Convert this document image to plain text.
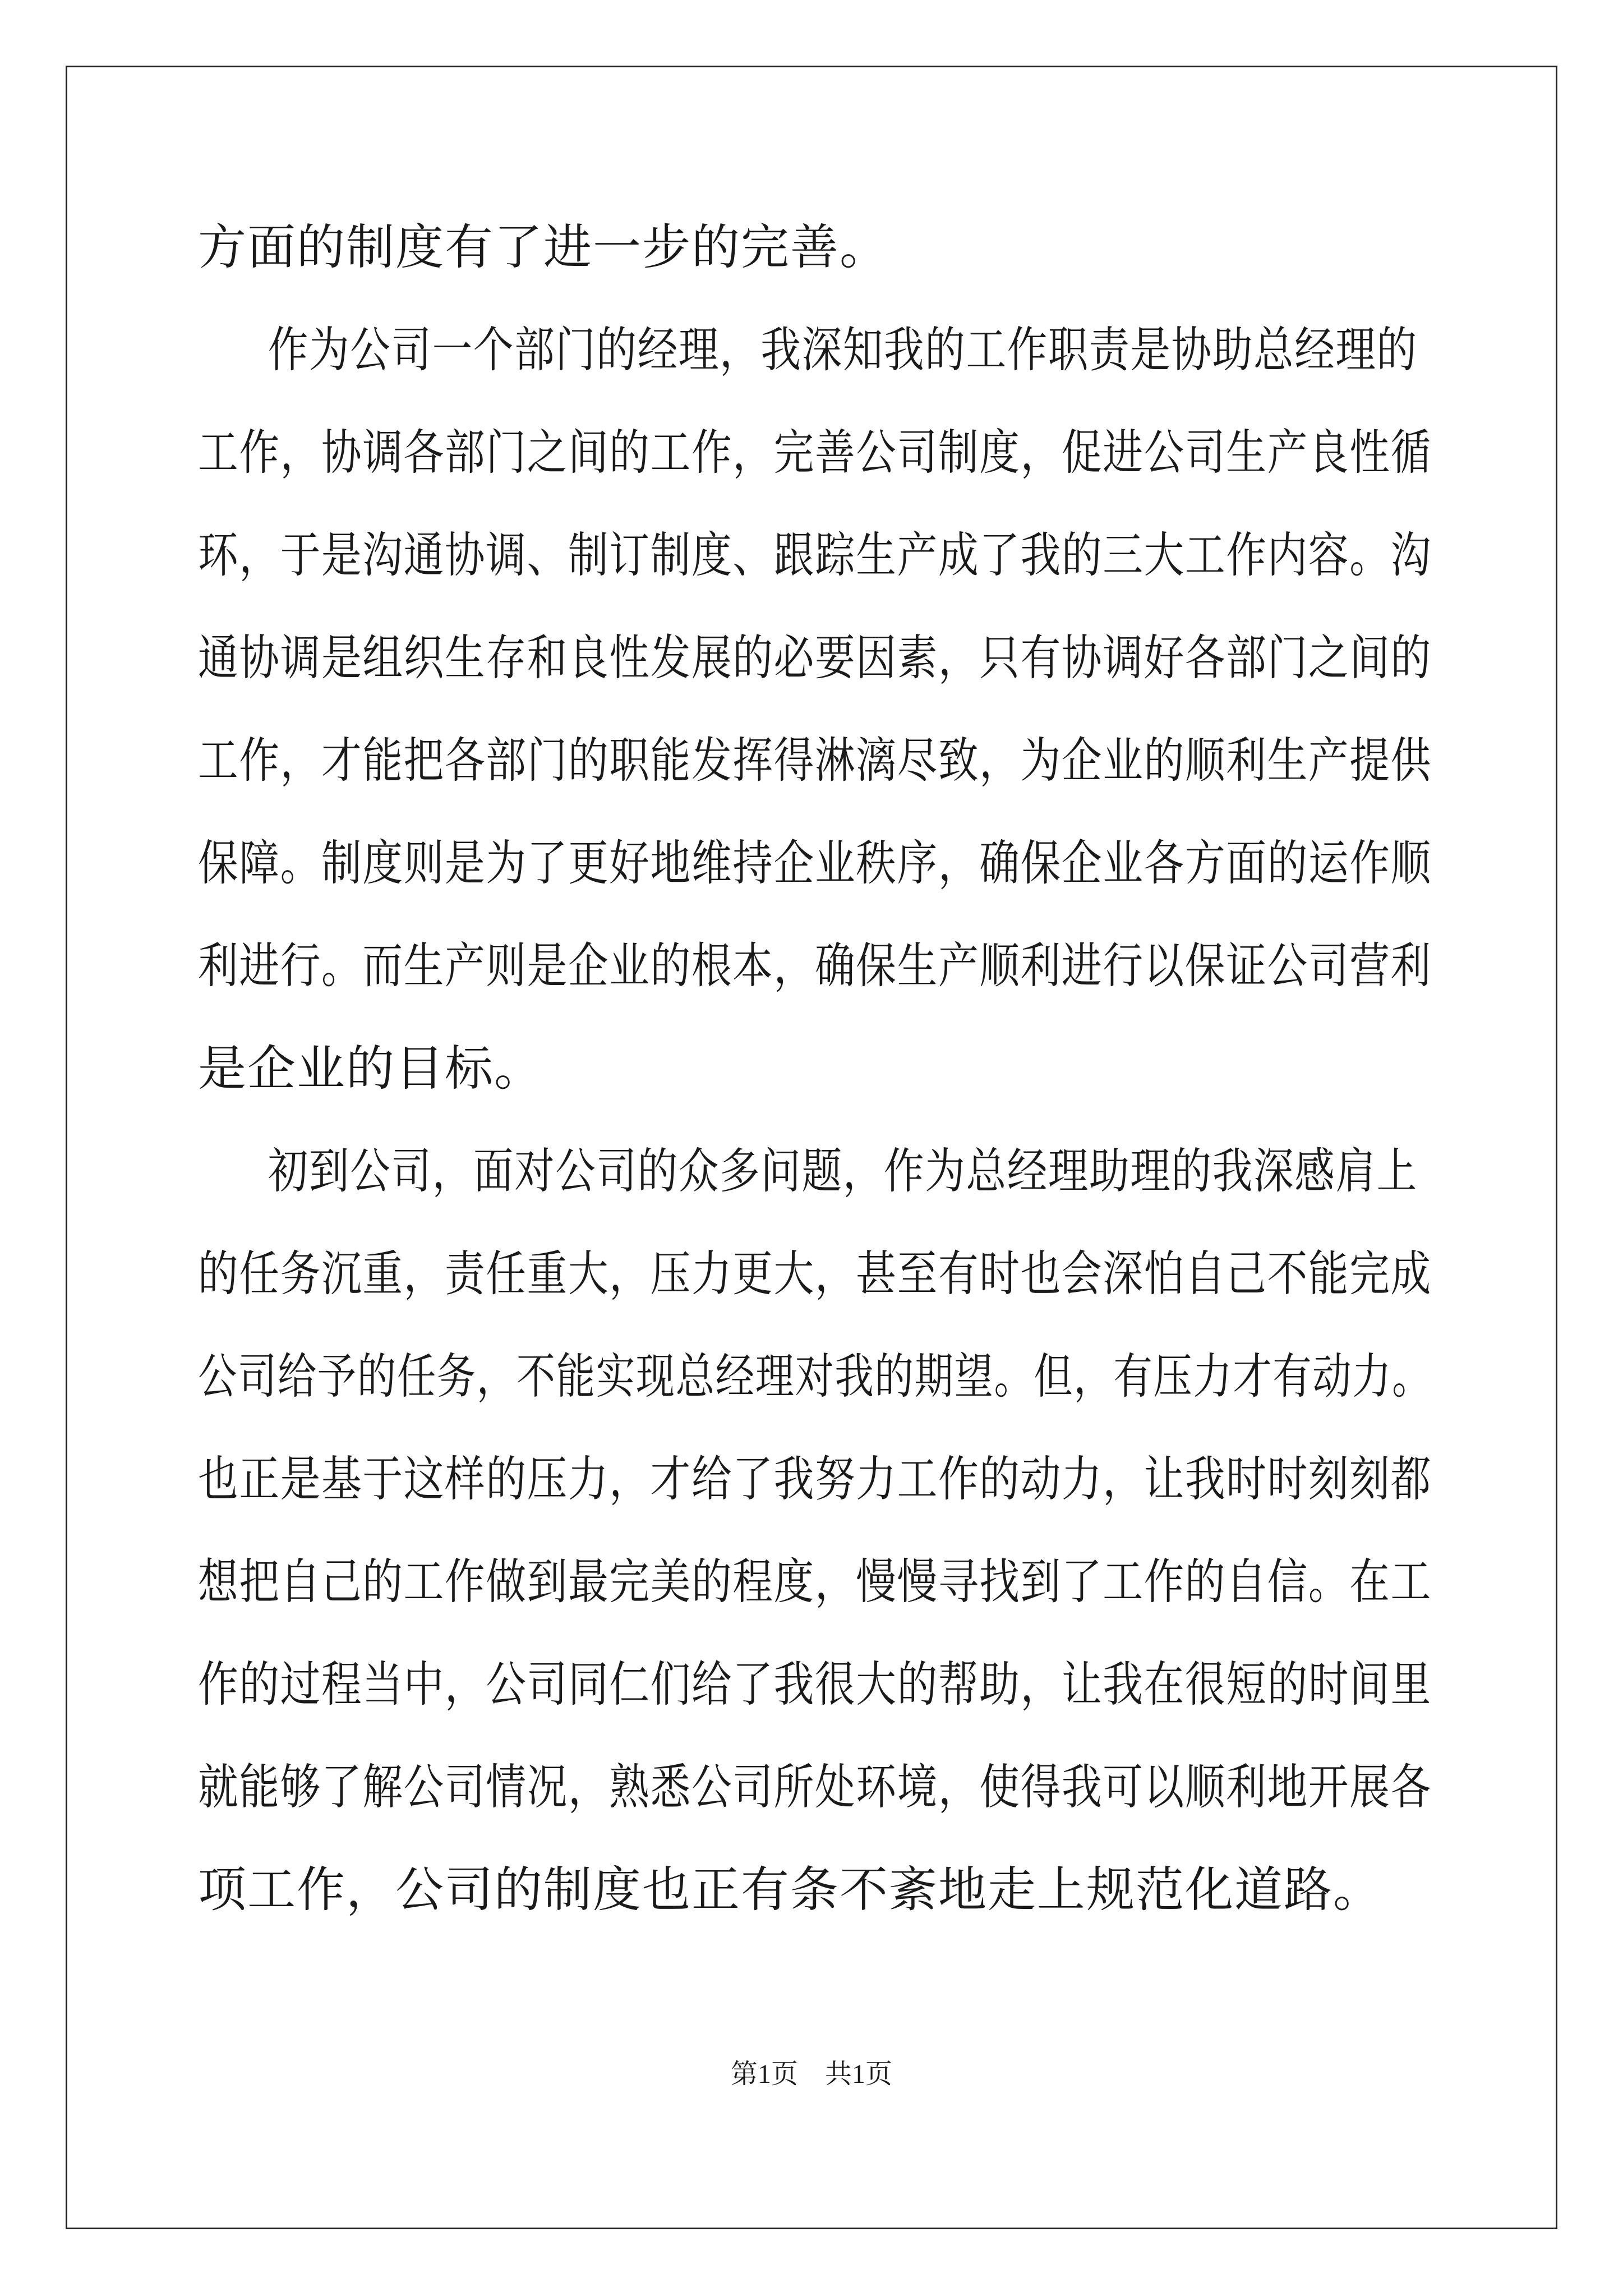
方面的制度有了进一步的完善。
作为公司一个部门的经理，我深知我的工作职责是协助总经理的
工作，协调各部门之间的工作，完善公司制度，促进公司生产良性循
环，于是沟通协调、制订制度、跟踪生产成了我的三大工作内容。沟
通协调是组织生存和良性发展的必要因素，只有协调好各部门之间的
工作，才能把各部门的职能发挥得淋漓尽致，为企业的顺利生产提供
保障。制度则是为了更好地维持企业秩序，确保企业各方面的运作顺
利进行。而生产则是企业的根本，确保生产顺利进行以保证公司营利
是企业的目标。
初到公司，面对公司的众多问题，作为总经理助理的我深感肩上
的任务沉重，责任重大，压力更大，甚至有时也会深怕自己不能完成
公司给予的任务，不能实现总经理对我的期望。但，有压力才有动力。
也正是基于这样的压力，才给了我努力工作的动力，让我时时刻刻都
想把自己的工作做到最完美的程度，慢慢寻找到了工作的自信。在工
作的过程当中，公司同仁们给了我很大的帮助，让我在很短的时间里
就能够了解公司情况，熟悉公司所处环境，使得我可以顺利地开展各
项工作，公司的制度也正有条不紊地走上规范化道路。
第1页 共1页
